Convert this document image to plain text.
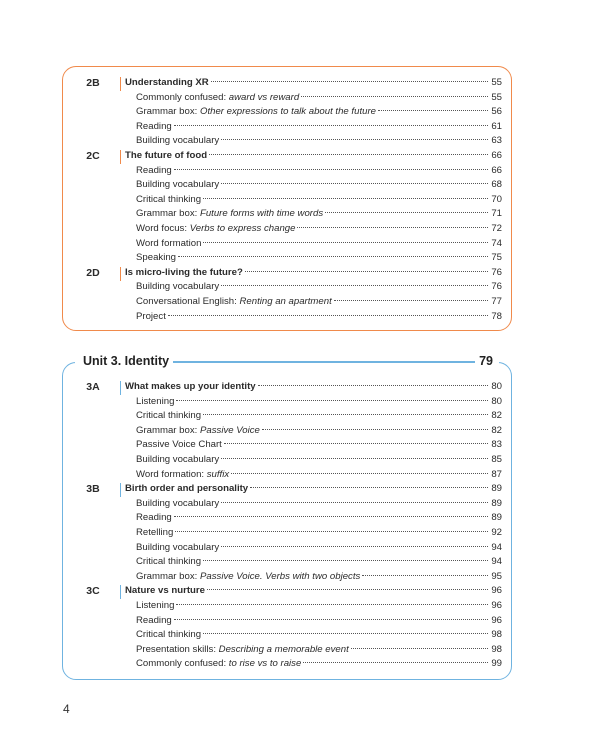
2B	Understanding XR	55
Commonly confused: award vs reward	55
Grammar box: Other expressions to talk about the future	56
Reading	61
Building vocabulary	63
2C	The future of food	66
Reading	66
Building vocabulary	68
Critical thinking	70
Grammar box: Future forms with time words	71
Word focus: Verbs to express change	72
Word formation	74
Speaking	75
2D	Is micro-living the future?	76
Building vocabulary	76
Conversational English: Renting an apartment	77
Project	78
Unit 3. Identity	79
3A	What makes up your identity	80
Listening	80
Critical thinking	82
Grammar box: Passive Voice	82
Passive Voice Chart	83
Building vocabulary	85
Word formation: suffix	87
3B	Birth order and personality	89
Building vocabulary	89
Reading	89
Retelling	92
Building vocabulary	94
Critical thinking	94
Grammar box: Passive Voice. Verbs with two objects	95
3C	Nature vs nurture	96
Listening	96
Reading	96
Critical thinking	98
Presentation skills: Describing a memorable event	98
Commonly confused: to rise vs to raise	99
4
